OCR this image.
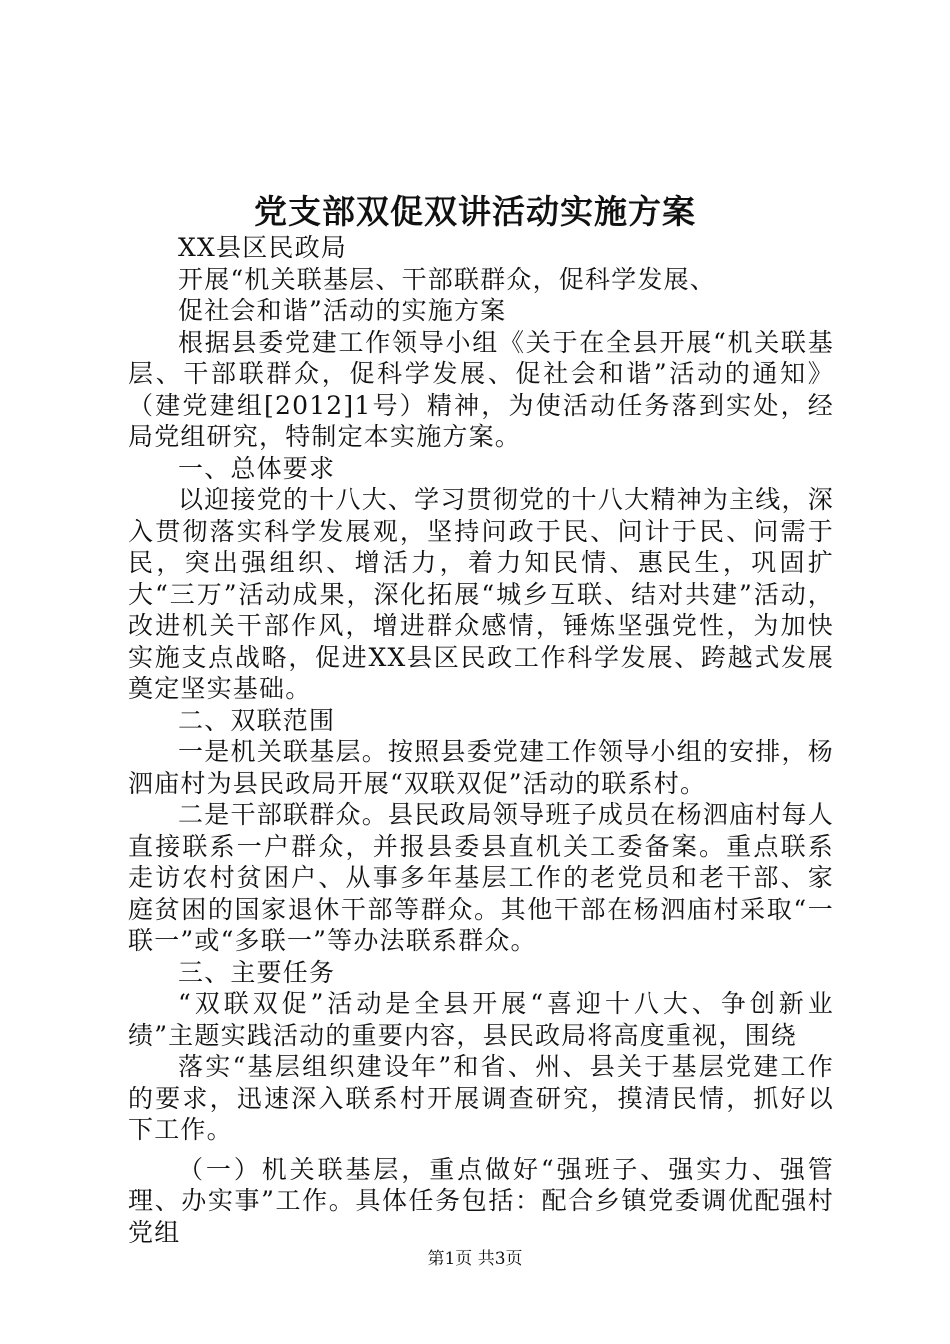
党支部双促双讲活动实施方案

XX县区民政局

开展“机关联基层、干部联群众，促科学发展、

促社会和谐”活动的实施方案

根据县委党建工作领导小组《关于在全县开展“机关联基层、干部联群众，促科学发展、促社会和谐”活动的通知》（建党建组[2012]1号）精神，为使活动任务落到实处，经局党组研究，特制定本实施方案。

一、总体要求

以迎接党的十八大、学习贯彻党的十八大精神为主线，深入贯彻落实科学发展观，坚持问政于民、问计于民、问需于民，突出强组织、增活力，着力知民情、惠民生，巩固扩大“三万”活动成果，深化拓展“城乡互联、结对共建”活动，改进机关干部作风，增进群众感情，锤炼坚强党性，为加快实施支点战略，促进XX县区民政工作科学发展、跨越式发展奠定坚实基础。

二、双联范围

一是机关联基层。按照县委党建工作领导小组的安排，杨泗庙村为县民政局开展“双联双促”活动的联系村。

二是干部联群众。县民政局领导班子成员在杨泗庙村每人直接联系一户群众，并报县委县直机关工委备案。重点联系走访农村贫困户、从事多年基层工作的老党员和老干部、家庭贫困的国家退休干部等群众。其他干部在杨泗庙村采取“一联一”或“多联一”等办法联系群众。

三、主要任务

“双联双促”活动是全县开展“喜迎十八大、争创新业绩”主题实践活动的重要内容，县民政局将高度重视，围绕

落实“基层组织建设年”和省、州、县关于基层党建工作的要求，迅速深入联系村开展调查研究，摸清民情，抓好以下工作。

（一）机关联基层，重点做好“强班子、强实力、强管理、办实事”工作。具体任务包括：配合乡镇党委调优配强村党组

第1页 共3页
